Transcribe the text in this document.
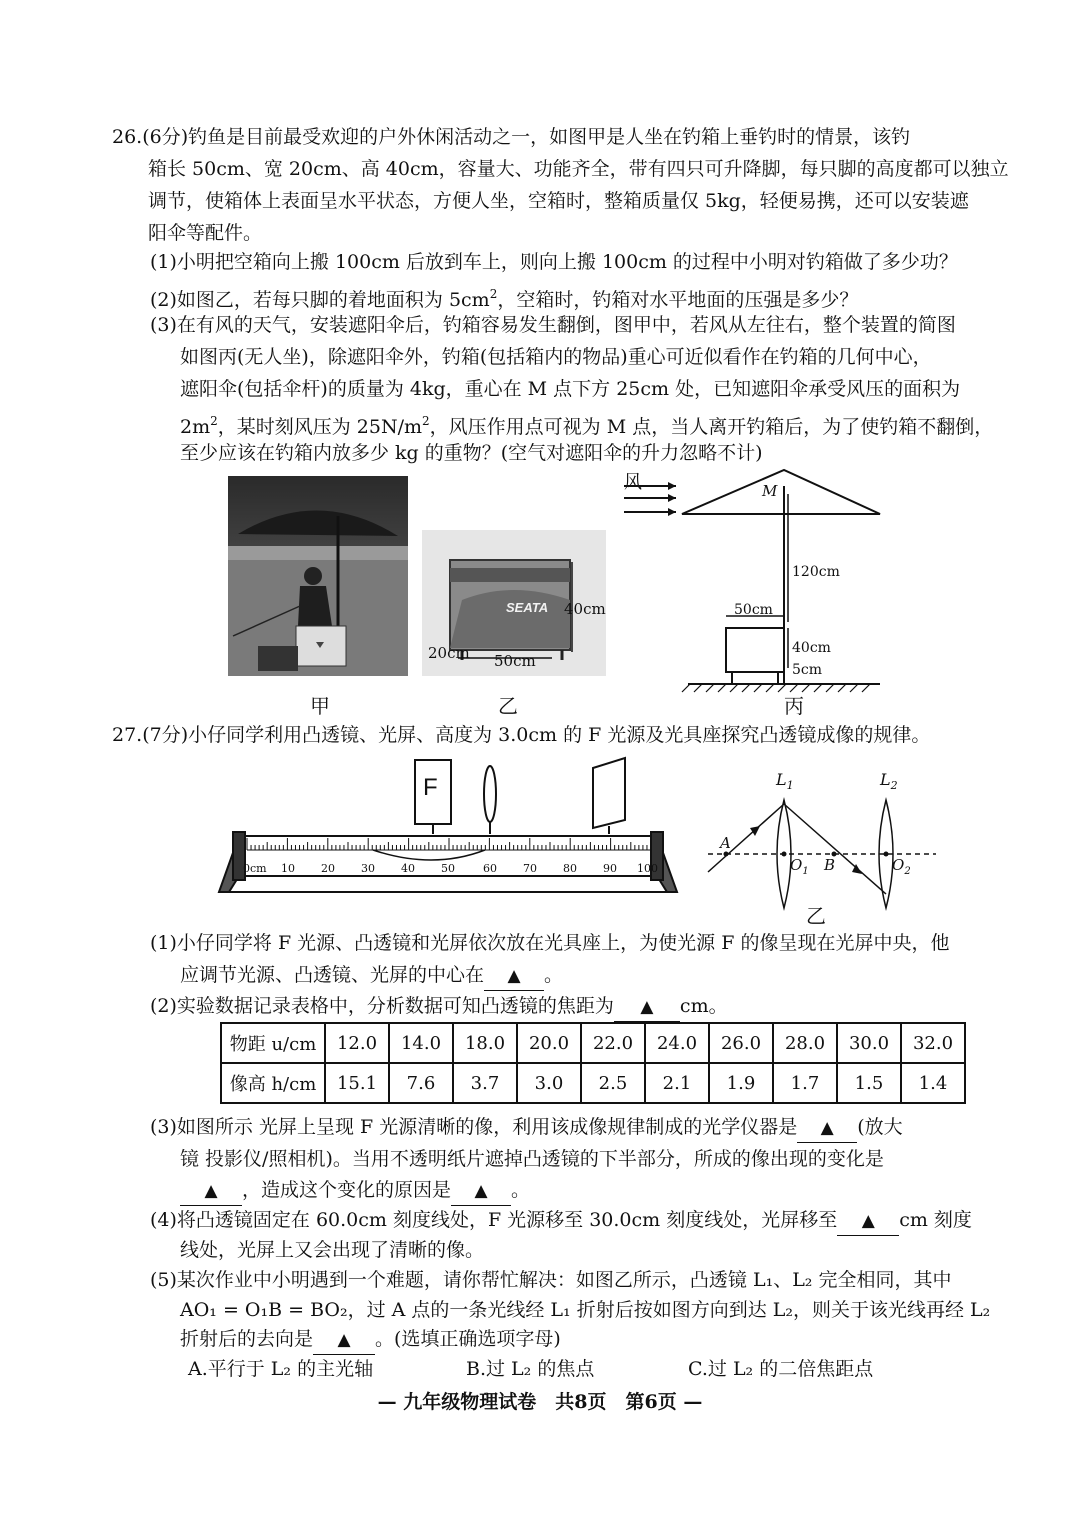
26.(6分)钓鱼是目前最受欢迎的户外休闲活动之一，如图甲是人坐在钓箱上垂钓时的情景，该钓
箱长 50cm、宽 20cm、高 40cm，容量大、功能齐全，带有四只可升降脚，每只脚的高度都可以独立
调节，使箱体上表面呈水平状态，方便人坐，空箱时，整箱质量仅 5kg，轻便易携，还可以安装遮
阳伞等配件。
(1)小明把空箱向上搬 100cm 后放到车上，则向上搬 100cm 的过程中小明对钓箱做了多少功？
(2)如图乙，若每只脚的着地面积为 $5cm^2$，空箱时，钓箱对水平地面的压强是多少？
(3)在有风的天气，安装遮阳伞后，钓箱容易发生翻倒，图甲中，若风从左往右，整个装置的简图
如图丙(无人坐)，除遮阳伞外，钓箱(包括箱内的物品)重心可近似看作在钓箱的几何中心，
遮阳伞(包括伞杆)的质量为 4kg，重心在 M 点下方 25cm 处，已知遮阳伞承受风压的面积为
$2m^2$，某时刻风压为 $25N/m^2$，风压作用点可视为 M 点，当人离开钓箱后，为了使钓箱不翻倒，
至少应该在钓箱内放多少 kg 的重物？(空气对遮阳伞的升力忽略不计)
甲
SEATA 40cm
20cm 50cm
乙
风	M
120cm
50cm
40cm
5cm
丙
27.(7分)小仔同学利用凸透镜、光屏、高度为 3.0cm 的 F 光源及光具座探究凸透镜成像的规律。
F
0cm 10 20 30 40 50	60 70 80 90 100
A
$O_1$ B	$O_2$
$L_1$	$L_2$
乙
(1)小仔同学将 F 光源、凸透镜和光屏依次放在光具座上，为使光源 F 的像呈现在光屏中央，他
应调节光源、凸透镜、光屏的中心在 ▲ 。
(2)实验数据记录表格中，分析数据可知凸透镜的焦距为 ▲ cm。
物距 u/cm	12.0	14.0	18.0	20.0	22.0	24.0	26.0	28.0	30.0	32.0
像高 h/cm	15.1	7.6	3.7	3.0	2.5	2.1	1.9	1.7	1.5	1.4
(3)如图所示 光屏上呈现 F 光源清晰的像，利用该成像规律制成的光学仪器是 ▲ (放大
镜 投影仪/照相机)。当用不透明纸片遮掉凸透镜的下半部分，所成的像出现的变化是
▲ ，造成这个变化的原因是 ▲ 。
(4)将凸透镜固定在 60.0cm 刻度线处，F 光源移至 30.0cm 刻度线处，光屏移至 ▲ cm 刻度
线处，光屏上又会出现了清晰的像。
(5)某次作业中小明遇到一个难题，请你帮忙解决：如图乙所示，凸透镜 L₁、L₂ 完全相同，其中
AO₁ = O₁B = BO₂，过 A 点的一条光线经 L₁ 折射后按如图方向到达 L₂，则关于该光线再经 L₂
折射后的去向是 ▲ 。(选填正确选项字母)
A.平行于 L₂ 的主光轴	B.过 L₂ 的焦点	C.过 L₂ 的二倍焦距点
— 九年级物理试卷　共8页　第6页 —
